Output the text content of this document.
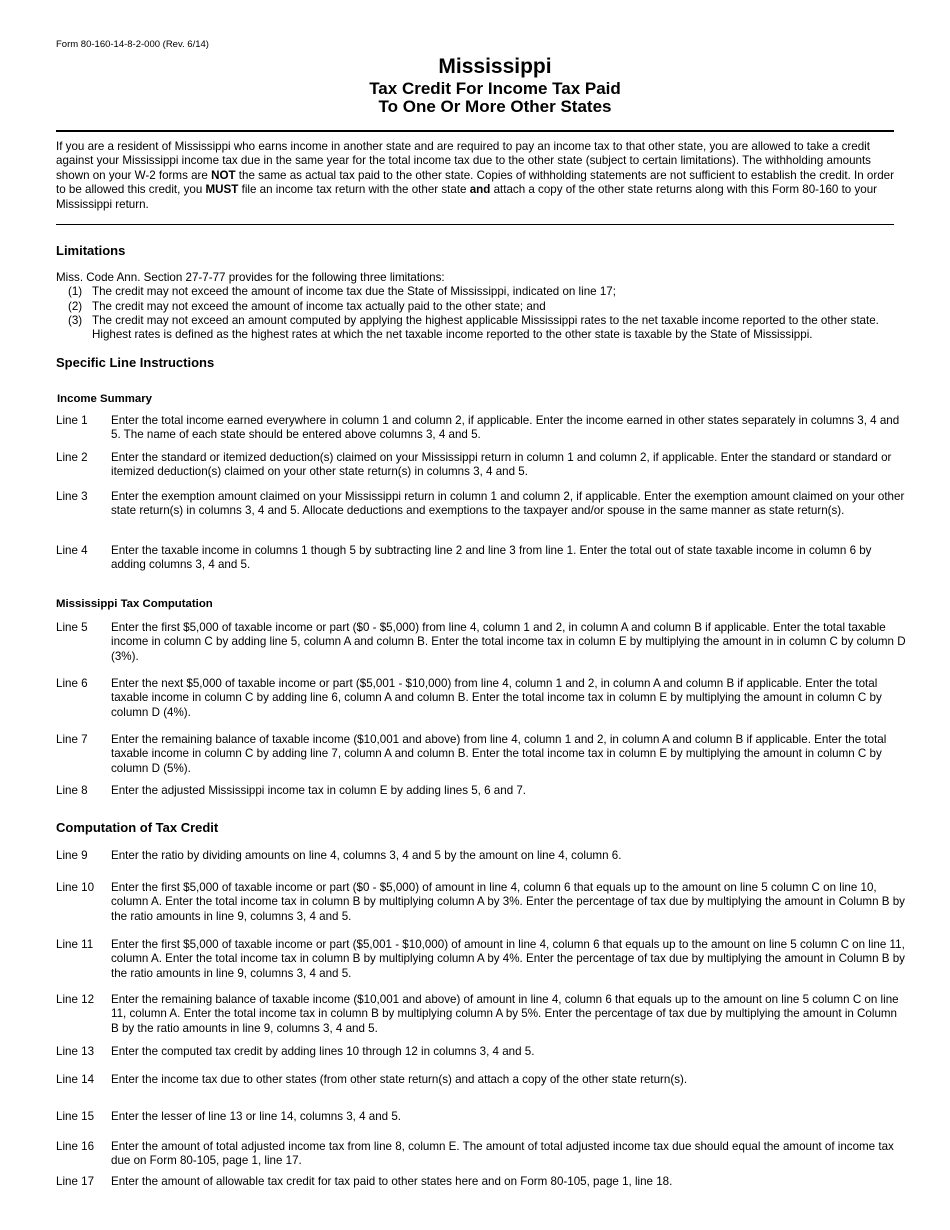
Form 80-160-14-8-2-000 (Rev. 6/14)
Mississippi
Tax Credit For Income Tax Paid
To One Or More Other States
If you are a resident of Mississippi who earns income in another state and are required to pay an income tax to that other state, you are allowed to take a credit against your Mississippi income tax due in the same year for the total income tax due to the other state (subject to certain limitations). The withholding amounts shown on your W-2 forms are NOT the same as actual tax paid to the other state. Copies of withholding statements are not sufficient to establish the credit. In order to be allowed this credit, you MUST file an income tax return with the other state and attach a copy of the other state returns along with this Form 80-160 to your Mississippi return.
Limitations
Miss. Code Ann. Section 27-7-77 provides for the following three limitations:
(1) The credit may not exceed the amount of income tax due the State of Mississippi, indicated on line 17;
(2) The credit may not exceed the amount of income tax actually paid to the other state; and
(3) The credit may not exceed an amount computed by applying the highest applicable Mississippi rates to the net taxable income reported to the other state. Highest rates is defined as the highest rates at which the net taxable income reported to the other state is taxable by the State of Mississippi.
Specific Line Instructions
Income Summary
Line 1	Enter the total income earned everywhere in column 1 and column 2, if applicable. Enter the income earned in other states separately in columns 3, 4 and 5. The name of each state should be entered above columns 3, 4 and 5.
Line 2	Enter the standard or itemized deduction(s) claimed on your Mississippi return in column 1 and column 2, if applicable. Enter the standard or standard or itemized deduction(s) claimed on your other state return(s) in columns 3, 4 and 5.
Line 3	Enter the exemption amount claimed on your Mississippi return in column 1 and column 2, if applicable. Enter the exemption amount claimed on your other state return(s) in columns 3, 4 and 5. Allocate deductions and exemptions to the taxpayer and/or spouse in the same manner as state return(s).
Line 4	Enter the taxable income in columns 1 though 5 by subtracting line 2 and line 3 from line 1. Enter the total out of state taxable income in column 6 by adding columns 3, 4 and 5.
Mississippi Tax Computation
Line 5	Enter the first $5,000 of taxable income or part ($0 - $5,000) from line 4, column 1 and 2, in column A and column B if applicable. Enter the total taxable income in column C by adding line 5, column A and column B. Enter the total income tax in column E by multiplying the amount in in column C by column D (3%).
Line 6	Enter the next $5,000 of taxable income or part ($5,001 - $10,000) from line 4, column 1 and 2, in column A and column B if applicable. Enter the total taxable income in column C by adding line 6, column A and column B. Enter the total income tax in column E by multiplying the amount in column C by column D (4%).
Line 7	Enter the remaining balance of taxable income ($10,001 and above) from line 4, column 1 and 2, in column A and column B if applicable. Enter the total taxable income in column C by adding line 7, column A and column B. Enter the total income tax in column E by multiplying the amount in column C by column D (5%).
Line 8	Enter the adjusted Mississippi income tax in column E by adding lines 5, 6 and 7.
Computation of Tax Credit
Line 9	Enter the ratio by dividing amounts on line 4, columns 3, 4 and 5 by the amount on line 4, column 6.
Line 10	Enter the first $5,000 of taxable income or part ($0 - $5,000) of amount in line 4, column 6 that equals up to the amount on line 5 column C on line 10, column A. Enter the total income tax in column B by multiplying column A by 3%. Enter the percentage of tax due by multiplying the amount in Column B by the ratio amounts in line 9, columns 3, 4 and 5.
Line 11	Enter the first $5,000 of taxable income or part ($5,001 - $10,000) of amount in line 4, column 6 that equals up to the amount on line 5 column C on line 11, column A. Enter the total income tax in column B by multiplying column A by 4%. Enter the percentage of tax due by multiplying the amount in Column B by the ratio amounts in line 9, columns 3, 4 and 5.
Line 12	Enter the remaining balance of taxable income ($10,001 and above) of amount in line 4, column 6 that equals up to the amount on line 5 column C on line 11, column A. Enter the total income tax in column B by multiplying column A by 5%. Enter the percentage of tax due by multiplying the amount in Column B by the ratio amounts in line 9, columns 3, 4 and 5.
Line 13	Enter the computed tax credit by adding lines 10 through 12 in columns 3, 4 and 5.
Line 14	Enter the income tax due to other states (from other state return(s) and attach a copy of the other state return(s).
Line 15	Enter the lesser of line 13 or line 14, columns 3, 4 and 5.
Line 16	Enter the amount of total adjusted income tax from line 8, column E. The amount of total adjusted income tax due should equal the amount of income tax due on Form 80-105, page 1, line 17.
Line 17	Enter the amount of allowable tax credit for tax paid to other states here and on Form 80-105, page 1, line 18.
